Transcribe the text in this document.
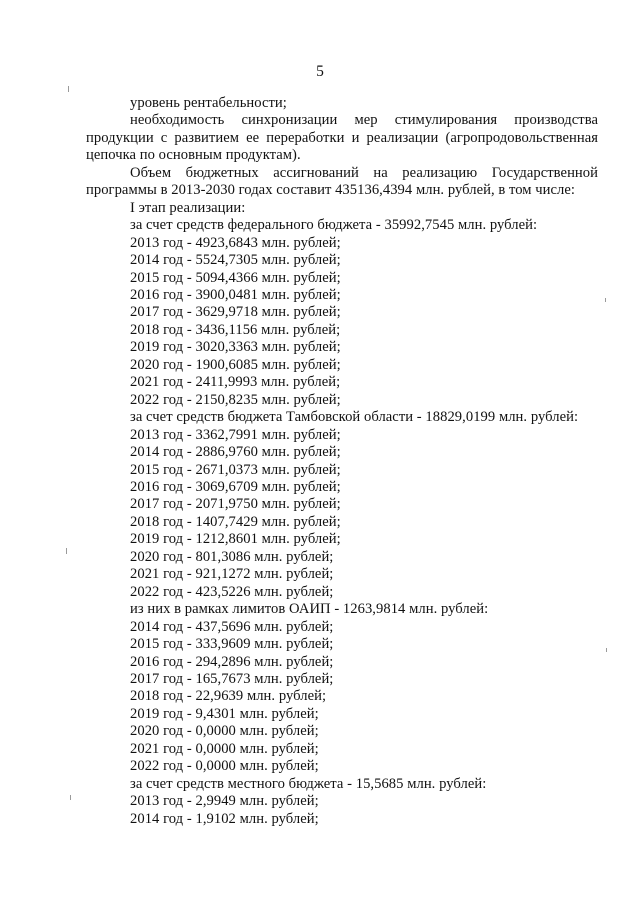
5
уровень рентабельности;
необходимость синхронизации мер стимулирования производства
продукции с развитием ее переработки и реализации (агропродовольственная
цепочка по основным продуктам).
Объем бюджетных ассигнований на реализацию Государственной
программы в 2013-2030 годах составит 435136,4394 млн. рублей, в том числе:
I этап реализации:
за счет средств федерального бюджета - 35992,7545 млн. рублей:
2013 год - 4923,6843 млн. рублей;
2014 год - 5524,7305 млн. рублей;
2015 год - 5094,4366 млн. рублей;
2016 год - 3900,0481 млн. рублей;
2017 год - 3629,9718 млн. рублей;
2018 год - 3436,1156 млн. рублей;
2019 год - 3020,3363 млн. рублей;
2020 год - 1900,6085 млн. рублей;
2021 год - 2411,9993 млн. рублей;
2022 год - 2150,8235 млн. рублей;
за счет средств бюджета Тамбовской области - 18829,0199 млн. рублей:
2013 год - 3362,7991 млн. рублей;
2014 год - 2886,9760 млн. рублей;
2015 год - 2671,0373 млн. рублей;
2016 год - 3069,6709 млн. рублей;
2017 год - 2071,9750 млн. рублей;
2018 год - 1407,7429 млн. рублей;
2019 год - 1212,8601 млн. рублей;
2020 год - 801,3086 млн. рублей;
2021 год - 921,1272 млн. рублей;
2022 год - 423,5226 млн. рублей;
из них в рамках лимитов ОАИП - 1263,9814 млн. рублей:
2014 год - 437,5696 млн. рублей;
2015 год - 333,9609 млн. рублей;
2016 год - 294,2896 млн. рублей;
2017 год - 165,7673 млн. рублей;
2018 год - 22,9639 млн. рублей;
2019 год - 9,4301 млн. рублей;
2020 год - 0,0000 млн. рублей;
2021 год - 0,0000 млн. рублей;
2022 год - 0,0000 млн. рублей;
за счет средств местного бюджета - 15,5685 млн. рублей:
2013 год - 2,9949 млн. рублей;
2014 год - 1,9102 млн. рублей;
